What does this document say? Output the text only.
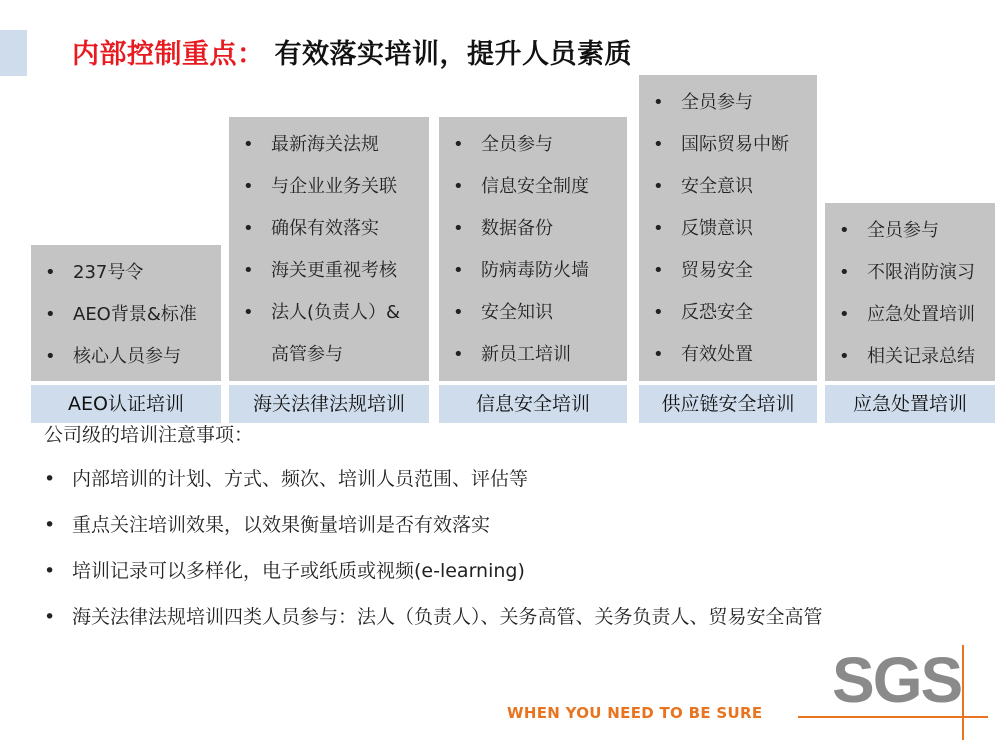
内部控制重点： 有效落实培训，提升人员素质
• 237号令
• AEO背景&标准
• 核心人员参与
AEO认证培训
• 最新海关法规
• 与企业业务关联
• 确保有效落实
• 海关更重视考核
• 法人(负责人）&
高管参与
海关法律法规培训
• 全员参与
• 信息安全制度
• 数据备份
• 防病毒防火墙
• 安全知识
• 新员工培训
信息安全培训
• 全员参与
• 国际贸易中断
• 安全意识
• 反馈意识
• 贸易安全
• 反恐安全
• 有效处置
供应链安全培训
• 全员参与
• 不限消防演习
• 应急处置培训
• 相关记录总结
应急处置培训
公司级的培训注意事项：
• 内部培训的计划、方式、频次、培训人员范围、评估等
• 重点关注培训效果，以效果衡量培训是否有效落实
• 培训记录可以多样化，电子或纸质或视频(e-learning)
• 海关法律法规培训四类人员参与：法人（负责人）、关务高管、关务负责人、贸易安全高管
WHEN YOU NEED TO BE SURE SGS
